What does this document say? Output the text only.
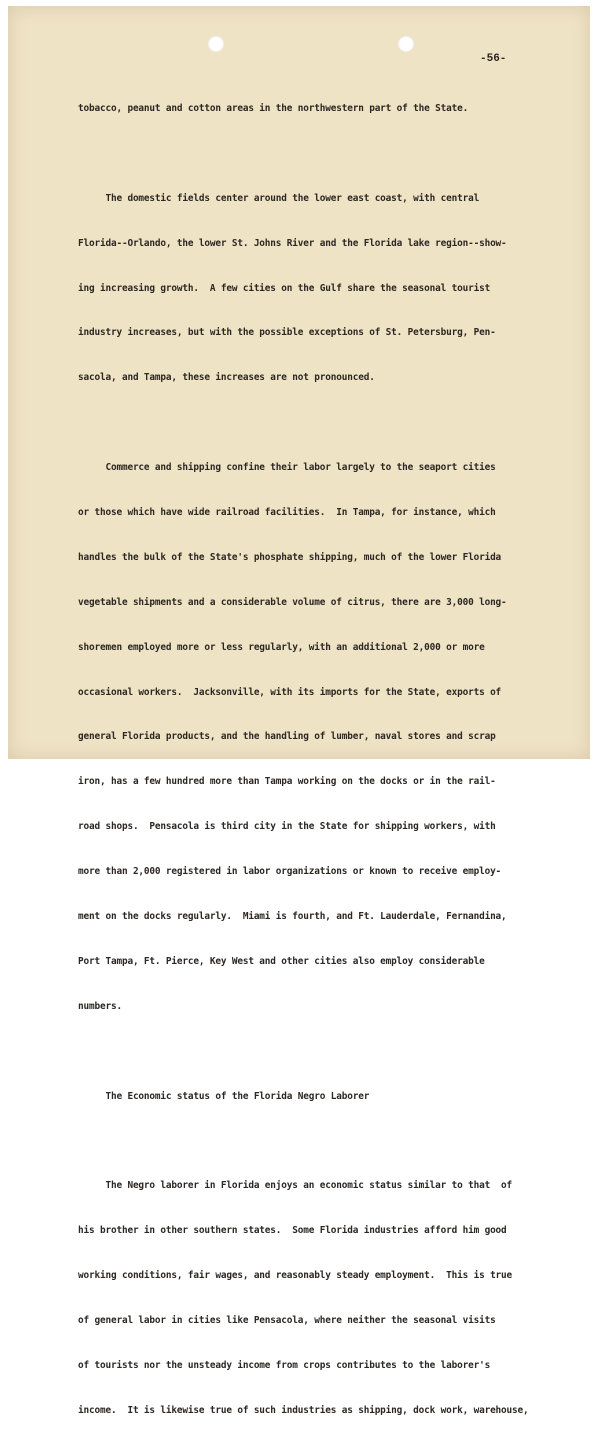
-56-

tobacco, peanut and cotton areas in the northwestern part of the State.

The domestic fields center around the lower east coast, with central

Florida--Orlando, the lower St. Johns River and the Florida lake region--show-

ing increasing growth.  A few cities on the Gulf share the seasonal tourist

industry increases, but with the possible exceptions of St. Petersburg, Pen-

sacola, and Tampa, these increases are not pronounced.

Commerce and shipping confine their labor largely to the seaport cities

or those which have wide railroad facilities.  In Tampa, for instance, which

handles the bulk of the State's phosphate shipping, much of the lower Florida

vegetable shipments and a considerable volume of citrus, there are 3,000 long-

shoremen employed more or less regularly, with an additional 2,000 or more

occasional workers.  Jacksonville, with its imports for the State, exports of

general Florida products, and the handling of lumber, naval stores and scrap

iron, has a few hundred more than Tampa working on the docks or in the rail-

road shops.  Pensacola is third city in the State for shipping workers, with

more than 2,000 registered in labor organizations or known to receive employ-

ment on the docks regularly.  Miami is fourth, and Ft. Lauderdale, Fernandina,

Port Tampa, Ft. Pierce, Key West and other cities also employ considerable

numbers.

The Economic status of the Florida Negro Laborer

The Negro laborer in Florida enjoys an economic status similar to that  of

his brother in other southern states.  Some Florida industries afford him good

working conditions, fair wages, and reasonably steady employment.  This is true

of general labor in cities like Pensacola, where neither the seasonal visits

of tourists nor the unsteady income from crops contributes to the laborer's

income.  It is likewise true of such industries as shipping, dock work, warehouse,
